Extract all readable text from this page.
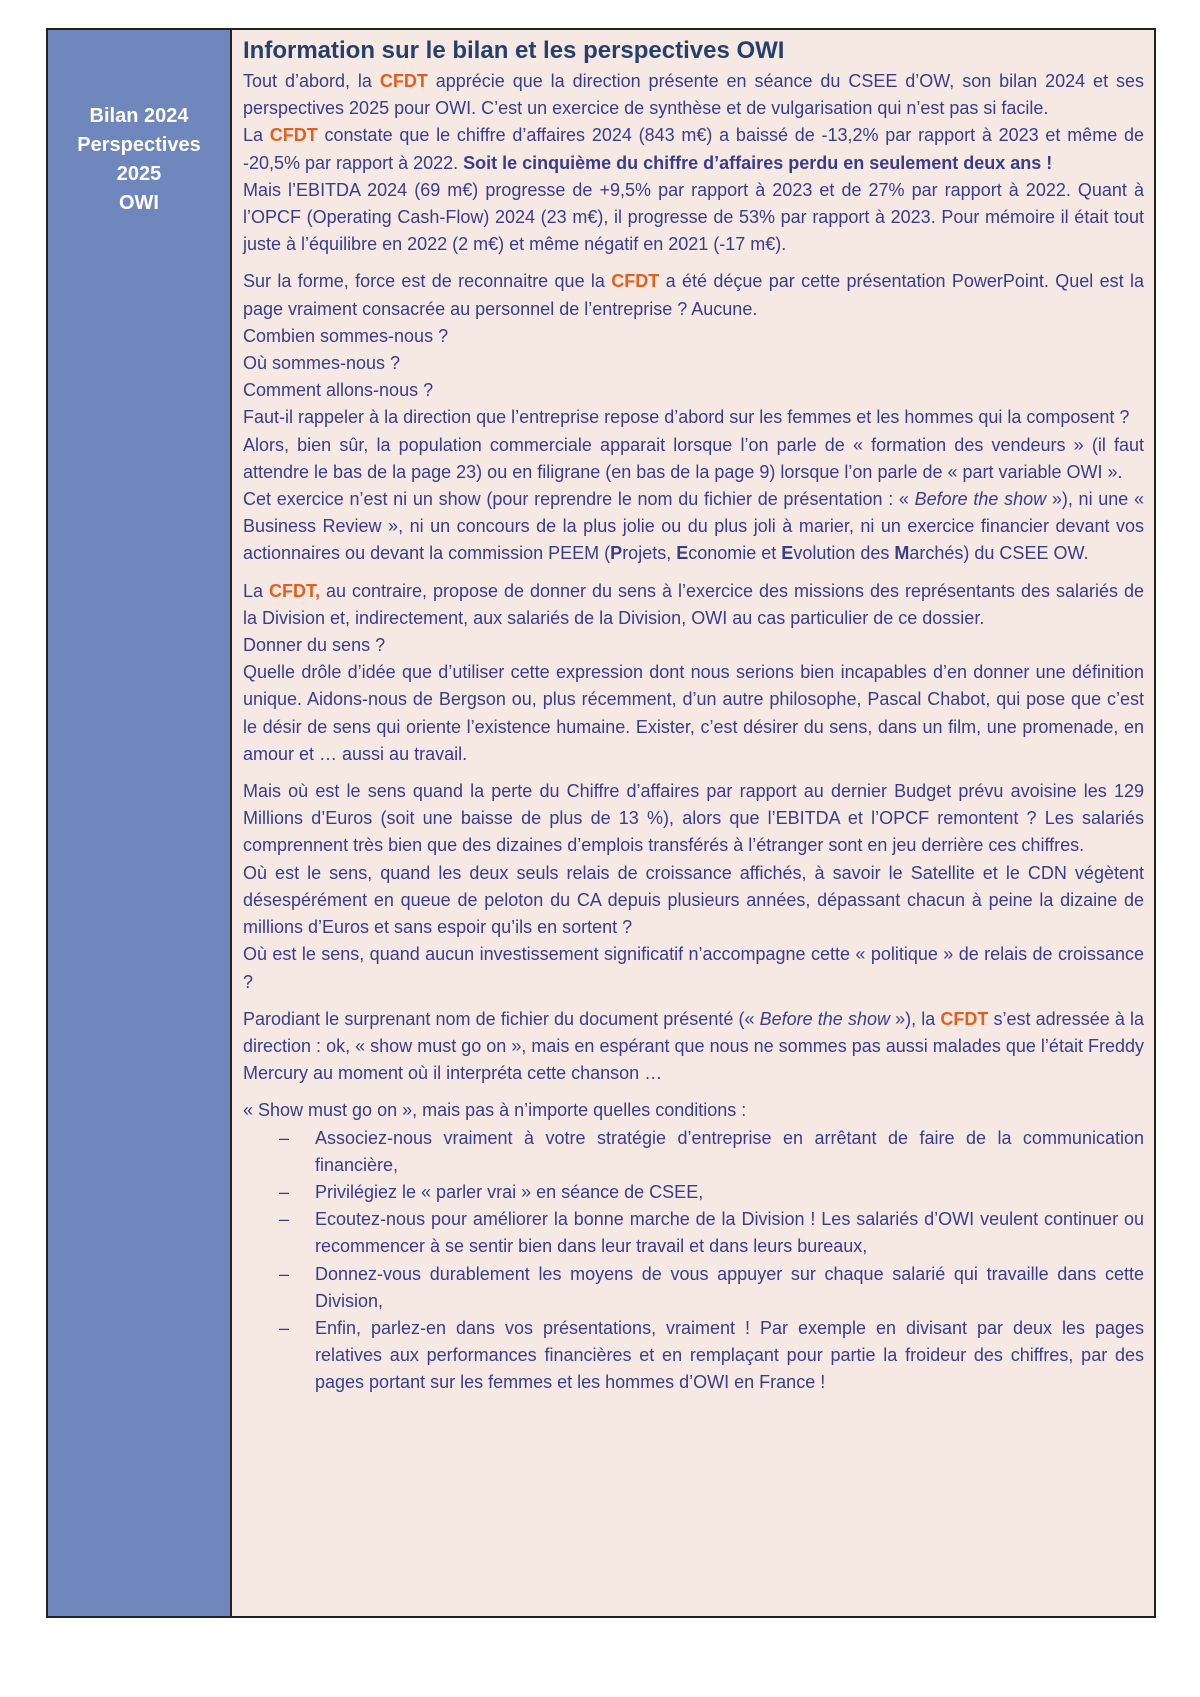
Bilan 2024
Perspectives
2025
OWI
Information sur le bilan et les perspectives OWI

Tout d’abord, la CFDT apprécie que la direction présente en séance du CSEE d’OW, son bilan 2024 et ses perspectives 2025 pour OWI. C’est un exercice de synthèse et de vulgarisation qui n’est pas si facile.

La CFDT constate que le chiffre d’affaires 2024 (843 m€) a baissé de -13,2% par rapport à 2023 et même de -20,5% par rapport à 2022. Soit le cinquième du chiffre d’affaires perdu en seulement deux ans !

Mais l’EBITDA 2024 (69 m€) progresse de +9,5% par rapport à 2023 et de 27% par rapport à 2022. Quant à l’OPCF (Operating Cash-Flow) 2024 (23 m€), il progresse de 53% par rapport à 2023. Pour mémoire il était tout juste à l’équilibre en 2022 (2 m€) et même négatif en 2021 (-17 m€).

Sur la forme, force est de reconnaitre que la CFDT a été déçue par cette présentation PowerPoint. Quel est la page vraiment consacrée au personnel de l’entreprise ? Aucune.

Combien sommes-nous ?

Où sommes-nous ?

Comment allons-nous ?

Faut-il rappeler à la direction que l’entreprise repose d’abord sur les femmes et les hommes qui la composent ?

Alors, bien sûr, la population commerciale apparait lorsque l’on parle de « formation des vendeurs » (il faut attendre le bas de la page 23) ou en filigrane (en bas de la page 9) lorsque l’on parle de « part variable OWI ».

Cet exercice n’est ni un show (pour reprendre le nom du fichier de présentation : « Before the show »), ni une « Business Review », ni un concours de la plus jolie ou du plus joli à marier, ni un exercice financier devant vos actionnaires ou devant la commission PEEM (Projets, Economie et Evolution des Marchés) du CSEE OW.

La CFDT, au contraire, propose de donner du sens à l’exercice des missions des représentants des salariés de la Division et, indirectement, aux salariés de la Division, OWI au cas particulier de ce dossier.

Donner du sens ?

Quelle drôle d’idée que d’utiliser cette expression dont nous serions bien incapables d’en donner une définition unique. Aidons-nous de Bergson ou, plus récemment, d’un autre philosophe, Pascal Chabot, qui pose que c’est le désir de sens qui oriente l’existence humaine. Exister, c’est désirer du sens, dans un film, une promenade, en amour et … aussi au travail.

Mais où est le sens quand la perte du Chiffre d’affaires par rapport au dernier Budget prévu avoisine les 129 Millions d’Euros (soit une baisse de plus de 13 %), alors que l’EBITDA et l’OPCF remontent ? Les salariés comprennent très bien que des dizaines d’emplois transférés à l’étranger sont en jeu derrière ces chiffres.

Où est le sens, quand les deux seuls relais de croissance affichés, à savoir le Satellite et le CDN végètent désespérément en queue de peloton du CA depuis plusieurs années, dépassant chacun à peine la dizaine de millions d’Euros et sans espoir qu’ils en sortent ?

Où est le sens, quand aucun investissement significatif n’accompagne cette « politique » de relais de croissance ?

Parodiant le surprenant nom de fichier du document présenté (« Before the show »), la CFDT s’est adressée à la direction : ok, « show must go on », mais en espérant que nous ne sommes pas aussi malades que l’était Freddy Mercury au moment où il interpréta cette chanson …

« Show must go on », mais pas à n’importe quelles conditions :

– Associez-nous vraiment à votre stratégie d’entreprise en arrêtant de faire de la communication financière,
– Privilégiez le « parler vrai » en séance de CSEE,
– Ecoutez-nous pour améliorer la bonne marche de la Division ! Les salariés d’OWI veulent continuer ou recommencer à se sentir bien dans leur travail et dans leurs bureaux,
– Donnez-vous durablement les moyens de vous appuyer sur chaque salarié qui travaille dans cette Division,
– Enfin, parlez-en dans vos présentations, vraiment ! Par exemple en divisant par deux les pages relatives aux performances financières et en remplaçant pour partie la froideur des chiffres, par des pages portant sur les femmes et les hommes d’OWI en France !
